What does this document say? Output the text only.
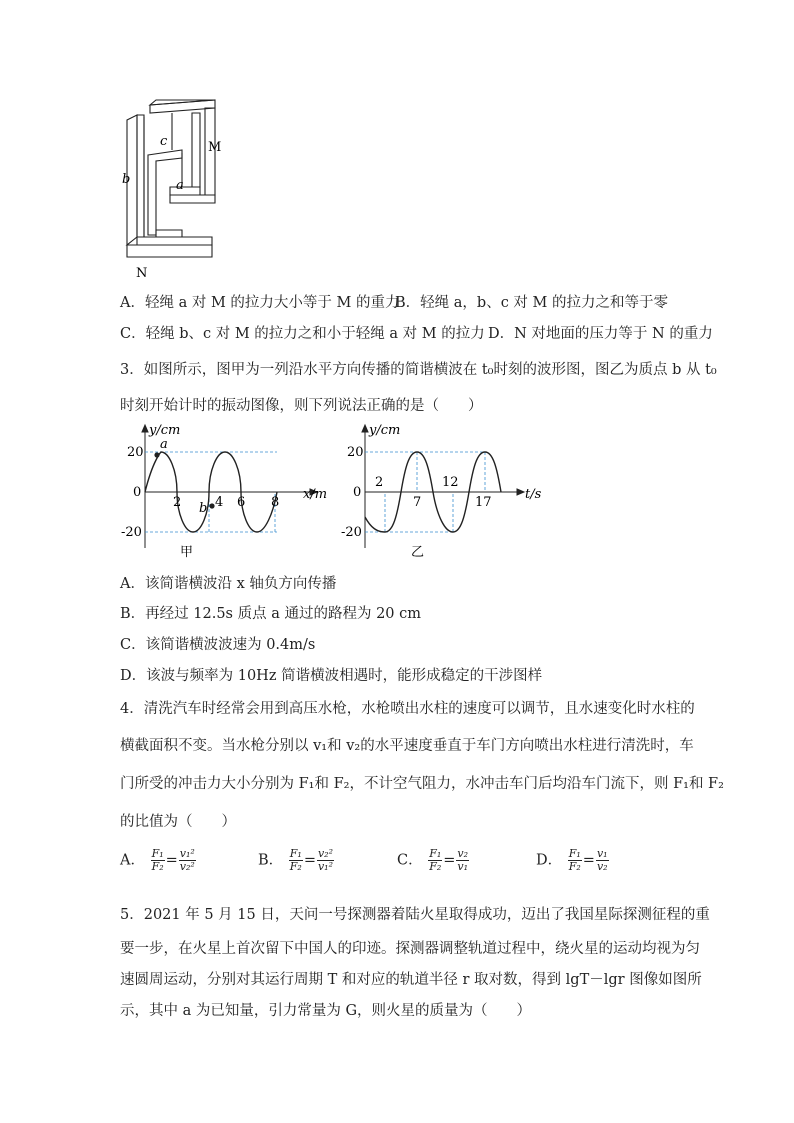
c
b	a
M
N
A．轻绳 a 对 M 的拉力大小等于 M 的重力
B．轻绳 a，b、c 对 M 的拉力之和等于零
C．轻绳 b、c 对 M 的拉力之和小于轻绳 a 对 M 的拉力 D．N 对地面的压力等于 N 的重力
3．如图所示，图甲为一列沿水平方向传播的简谐横波在 t₀时刻的波形图，图乙为质点 b 从 t₀
时刻开始计时的振动图像，则下列说法正确的是（　　）
y/cm
x/m
20
-20
0
2	4 6 8
a
b
甲
y/cm
t/s
20
-20
0
2
7
12
17
乙
A．该简谐横波沿 x 轴负方向传播
B．再经过 12.5s 质点 a 通过的路程为 20 cm
C．该简谐横波波速为 0.4m/s
D．该波与频率为 10Hz 简谐横波相遇时，能形成稳定的干涉图样
4．清洗汽车时经常会用到高压水枪，水枪喷出水柱的速度可以调节，且水速变化时水柱的
横截面积不变。当水枪分别以 v₁和 v₂的水平速度垂直于车门方向喷出水柱进行清洗时，车
门所受的冲击力大小分别为 F₁和 F₂，不计空气阻力，水冲击车门后均沿车门流下，则 F₁和 F₂
的比值为（　　）
A． $\frac{\text{F₁}}{\text{F₂}} = \frac{\text{v₁²}}{\text{v₂²}}$	B． $\frac{\text{F₁}}{\text{F₂}} = \frac{\text{v₂²}}{\text{v₁²}}$	C． $\frac{\text{F₁}}{\text{F₂}} = \frac{\text{v₂}}{\text{v₁}}$	D． $\frac{\text{F₁}}{\text{F₂}} = \frac{\text{v₁}}{\text{v₂}}$
5．2021 年 5 月 15 日，天问一号探测器着陆火星取得成功，迈出了我国星际探测征程的重
要一步，在火星上首次留下中国人的印迹。探测器调整轨道过程中，绕火星的运动均视为匀
速圆周运动，分别对其运行周期 T 和对应的轨道半径 r 取对数，得到 lgT－lgr 图像如图所
示，其中 a 为已知量，引力常量为 G，则火星的质量为（　　）
